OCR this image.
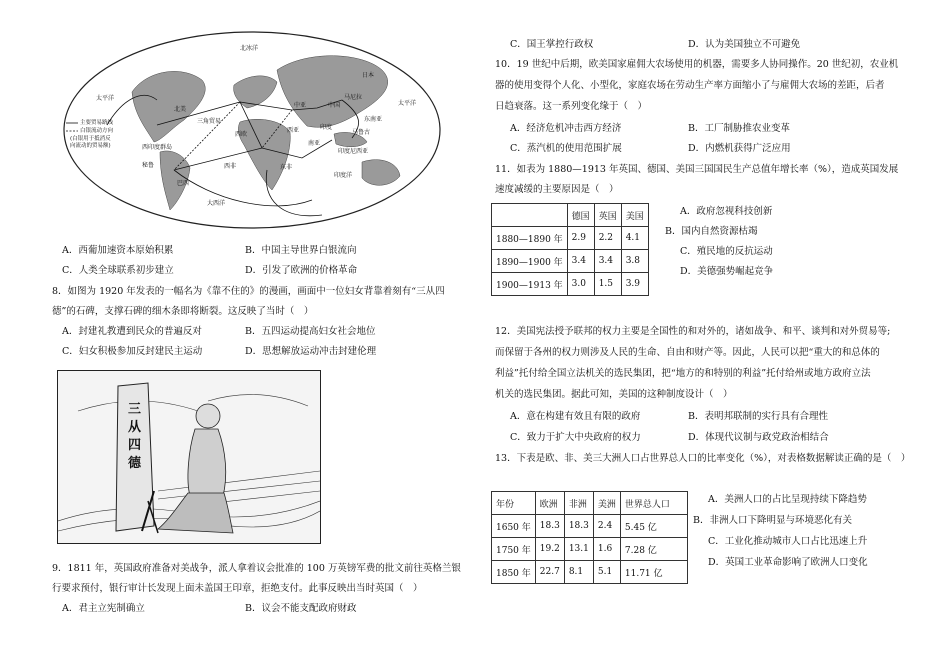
北冰洋
太平洋
北美
西印度群岛
秘鲁
巴西
大西洋
西欧
西非	东非
中亚
西亚
中国
日本
南亚
东南亚
印度
印度尼西亚
马鲁古
马尼拉
印度洋
三角贸易
太平洋
主要贸易路线
白银流动方向
(白银用于抵消反
向流动的贸易额)
A．西葡加速资本原始积累	B．中国主导世界白银流向
C．人类全球联系初步建立	D．引发了欧洲的价格革命
8．如图为 1920 年发表的一幅名为《靠不住的》的漫画，画面中一位妇女背靠着刻有“三从四
德”的石碑，支撑石碑的细木条即将断裂。这反映了当时（　）
A．封建礼教遭到民众的普遍反对	B．五四运动提高妇女社会地位
C．妇女积极参加反封建民主运动	D．思想解放运动冲击封建伦理
三从四德
9．1811 年，英国政府准备对美战争，派人拿着议会批准的 100 万英镑军费的批文前往英格兰银
行要求预付，银行审计长发现上面未盖国王印章，拒绝支付。此事反映出当时英国（　）
A．君主立宪制确立	B．议会不能支配政府财政
C．国王掌控行政权	D．认为美国独立不可避免
10．19 世纪中后期，欧美国家雇佣大农场使用的机器，需要多人协同操作。20 世纪初，农业机
器的使用变得个人化、小型化，家庭农场在劳动生产率方面缩小了与雇佣大农场的差距，后者
日趋衰落。这一系列变化缘于（　）
A．经济危机冲击西方经济	B．工厂制胁推农业变革
C．蒸汽机的使用范围扩展	D．内燃机获得广泛应用
11．如表为 1880—1913 年英国、德国、美国三国国民生产总值年增长率（%），造成英国发展
速度减缓的主要原因是（　）
	德国	英国	美国
1880—1890 年	2.9	2.2	4.1
1890—1900 年	3.4	3.4	3.8
1900—1913 年	3.0	1.5	3.9
A．政府忽视科技创新
B．国内自然资源枯竭
C．殖民地的反抗运动
D．美德强势崛起竞争
12．美国宪法授予联邦的权力主要是全国性的和对外的，诸如战争、和平、谈判和对外贸易等;
而保留于各州的权力则涉及人民的生命、自由和财产等。因此，人民可以把“重大的和总体的
利益”托付给全国立法机关的选民集团，把“地方的和特别的利益”托付给州或地方政府立法
机关的选民集团。据此可知，美国的这种制度设计（　）
A．意在构建有效且有限的政府	B．表明邦联制的实行具有合理性
C．致力于扩大中央政府的权力	D．体现代议制与政党政治相结合
13．下表是欧、非、美三大洲人口占世界总人口的比率变化（%），对表格数据解读正确的是（　）
年份	欧洲	非洲	美洲	世界总人口
1650 年	18.3	18.3	2.4	5.45 亿
1750 年	19.2	13.1	1.6	7.28 亿
1850 年	22.7	8.1	5.1	11.71 亿
A．美洲人口的占比呈现持续下降趋势
B．非洲人口下降明显与环境恶化有关
C．工业化推动城市人口占比迅速上升
D．英国工业革命影响了欧洲人口变化
